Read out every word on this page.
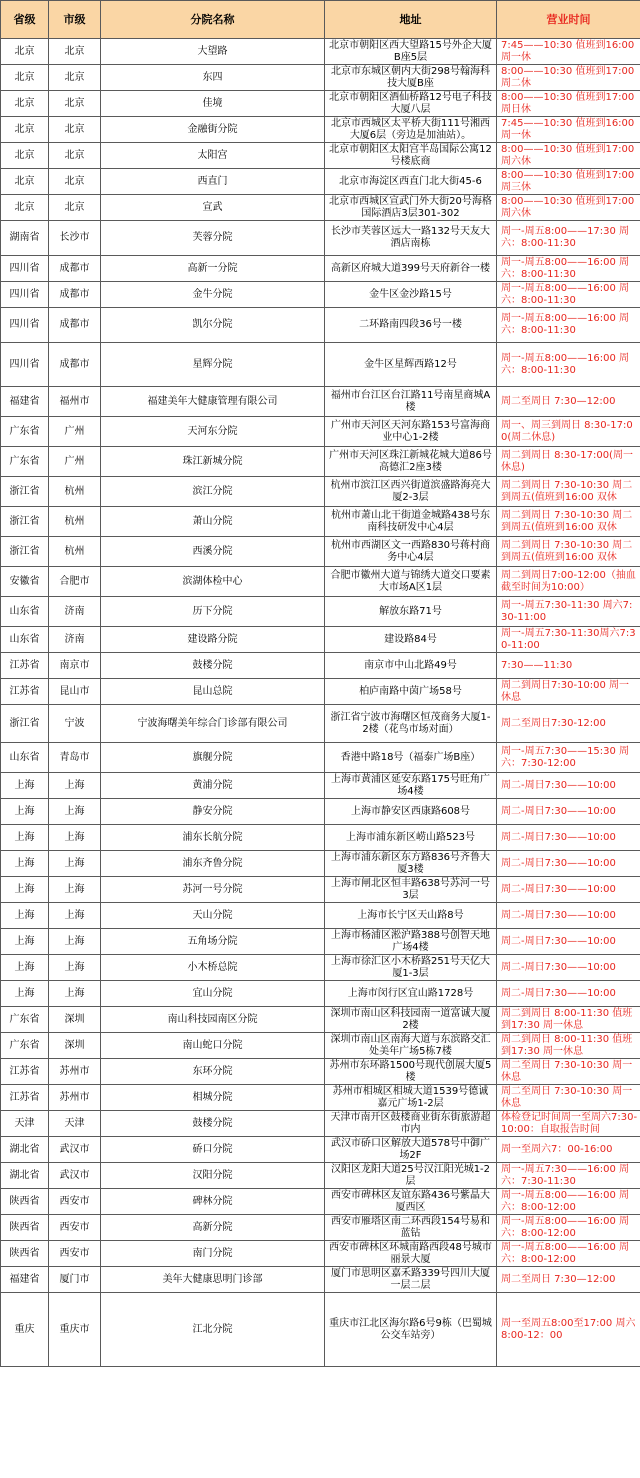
省级	市级	分院名称	地址	营业时间
北京	北京	大望路	北京市朝阳区西大望路15号外企大厦B座5层	7:45——10:30 值班到16:00 周一休
北京	北京	东四	北京市东城区朝内大街298号翰海科技大厦B座	8:00——10:30 值班到17:00 周二休
北京	北京	佳境	北京市朝阳区酒仙桥路12号电子科技大厦八层	8:00——10:30 值班到17:00 周日休
北京	北京	金融街分院	北京市西城区太平桥大街111号湘西大厦6层（旁边是加油站）。	7:45——10:30 值班到16:00 周一休
北京	北京	太阳宫	北京市朝阳区太阳宫半岛国际公寓12号楼底商	8:00——10:30 值班到17:00 周六休
北京	北京	西直门	北京市海淀区西直门北大街45-6	8:00——10:30 值班到17:00 周三休
北京	北京	宣武	北京市西城区宣武门外大街20号海格国际酒店3层301-302	8:00——10:30 值班到17:00 周六休
湖南省	长沙市	芙蓉分院	长沙市芙蓉区远大一路132号天友大酒店南栋	周一-周五8:00——17:30 周六：8:00-11:30
四川省	成都市	高新一分院	高新区府城大道399号天府新谷一楼	周一-周五8:00——16:00 周六：8:00-11:30
四川省	成都市	金牛分院	金牛区金沙路15号	周一-周五8:00——16:00 周六：8:00-11:30
四川省	成都市	凯尔分院	二环路南四段36号一楼	周一-周五8:00——16:00 周六：8:00-11:30
四川省	成都市	星辉分院	金牛区星辉西路12号	周一-周五8:00——16:00 周六：8:00-11:30
福建省	福州市	福建美年大健康管理有限公司	福州市台江区台江路11号南星商城A楼	周二至周日 7:30—12:00
广东省	广州	天河东分院	广州市天河区天河东路153号富海商业中心1-2楼	周一、周三到周日 8:30-17:00(周二休息)
广东省	广州	珠江新城分院	广州市天河区珠江新城花城大道86号高德汇2座3楼	周二到周日 8:30-17:00(周一休息)
浙江省	杭州	滨江分院	杭州市滨江区西兴街道滨盛路海亮大厦2-3层	周二到周日 7:30-10:30 周二到周五(值班到16:00 双休
浙江省	杭州	萧山分院	杭州市萧山北干街道金城路438号东南科技研发中心4层	周二到周日 7:30-10:30 周二到周五(值班到16:00 双休
浙江省	杭州	西溪分院	杭州市西湖区文一西路830号蒋村商务中心4层	周二到周日 7:30-10:30 周二到周五(值班到16:00 双休
安徽省	合肥市	滨湖体检中心	合肥市徽州大道与锦绣大道交口要素大市场A区1层	周二到周日7:00-12:00（抽血截至时间为10:00）
山东省	济南	历下分院	解放东路71号	周一-周五7:30-11:30 周六7:30-11:00
山东省	济南	建设路分院	建设路84号	周一-周五7:30-11:30周六7:30-11:00
江苏省	南京市	鼓楼分院	南京市中山北路49号	7:30——11:30
江苏省	昆山市	昆山总院	柏庐南路中茵广场58号	周二到周日7:30-10:00 周一休息
浙江省	宁波	宁波海曙美年综合门诊部有限公司	浙江省宁波市海曙区恒茂商务大厦1-2楼（花鸟市场对面）	周二至周日7:30-12:00
山东省	青岛市	旗舰分院	香港中路18号（福泰广场B座）	周一-周五7:30——15:30 周六：7:30-12:00
上海	上海	黄浦分院	上海市黄浦区延安东路175号旺角广场4楼	周二-周日7:30——10:00
上海	上海	静安分院	上海市静安区西康路608号	周二-周日7:30——10:00
上海	上海	浦东长航分院	上海市浦东新区崂山路523号	周二-周日7:30——10:00
上海	上海	浦东齐鲁分院	上海市浦东新区东方路836号齐鲁大厦3楼	周二-周日7:30——10:00
上海	上海	苏河一号分院	上海市闸北区恒丰路638号苏河一号3层	周二-周日7:30——10:00
上海	上海	天山分院	上海市长宁区天山路8号	周二-周日7:30——10:00
上海	上海	五角场分院	上海市杨浦区淞沪路388号创智天地广场4楼	周二-周日7:30——10:00
上海	上海	小木桥总院	上海市徐汇区小木桥路251号天亿大厦1-3层	周二-周日7:30——10:00
上海	上海	宜山分院	上海市闵行区宜山路1728号	周二-周日7:30——10:00
广东省	深圳	南山科技园南区分院	深圳市南山区科技园南一道富诚大厦2楼	周二到周日 8:00-11:30 值班到17:30 周一休息
广东省	深圳	南山蛇口分院	深圳市南山区南海大道与东滨路交汇处美年广场5栋7楼	周二到周日 8:00-11:30 值班到17:30 周一休息
江苏省	苏州市	东环分院	苏州市东环路1500号现代创展大厦5楼	周二至周日 7:30-10:30 周一休息
江苏省	苏州市	相城分院	苏州市相城区相城大道1539号德诚嘉元广场1-2层	周二至周日 7:30-10:30 周一休息
天津	天津	鼓楼分院	天津市南开区鼓楼商业街东街旅游超市内	体检登记时间周一至周六7:30-10:00：自取报告时间
湖北省	武汉市	硚口分院	武汉市硚口区解放大道578号中御广场2F	周一至周六7：00-16:00
湖北省	武汉市	汉阳分院	汉阳区龙阳大道25号汉江阳光城1-2层	周一-周五7:30——16:00 周六：7:30-11:30
陕西省	西安市	碑林分院	西安市碑林区友谊东路436号紫晶大厦西区	周一-周五8:00——16:00 周六：8:00-12:00
陕西省	西安市	高新分院	西安市雁塔区南二环西段154号易和蓝钻	周一-周五8:00——16:00 周六：8:00-12:00
陕西省	西安市	南门分院	西安市碑林区环城南路西段48号城市丽景大厦	周一-周五8:00——16:00 周六：8:00-12:00
福建省	厦门市	美年大健康思明门诊部	厦门市思明区嘉禾路339号四川大厦一层二层	周二至周日 7:30—12:00
重庆	重庆市	江北分院	重庆市江北区海尔路6号9栋（巴蜀城公交车站旁）	周一至周五8:00至17:00 周六8:00-12：00
